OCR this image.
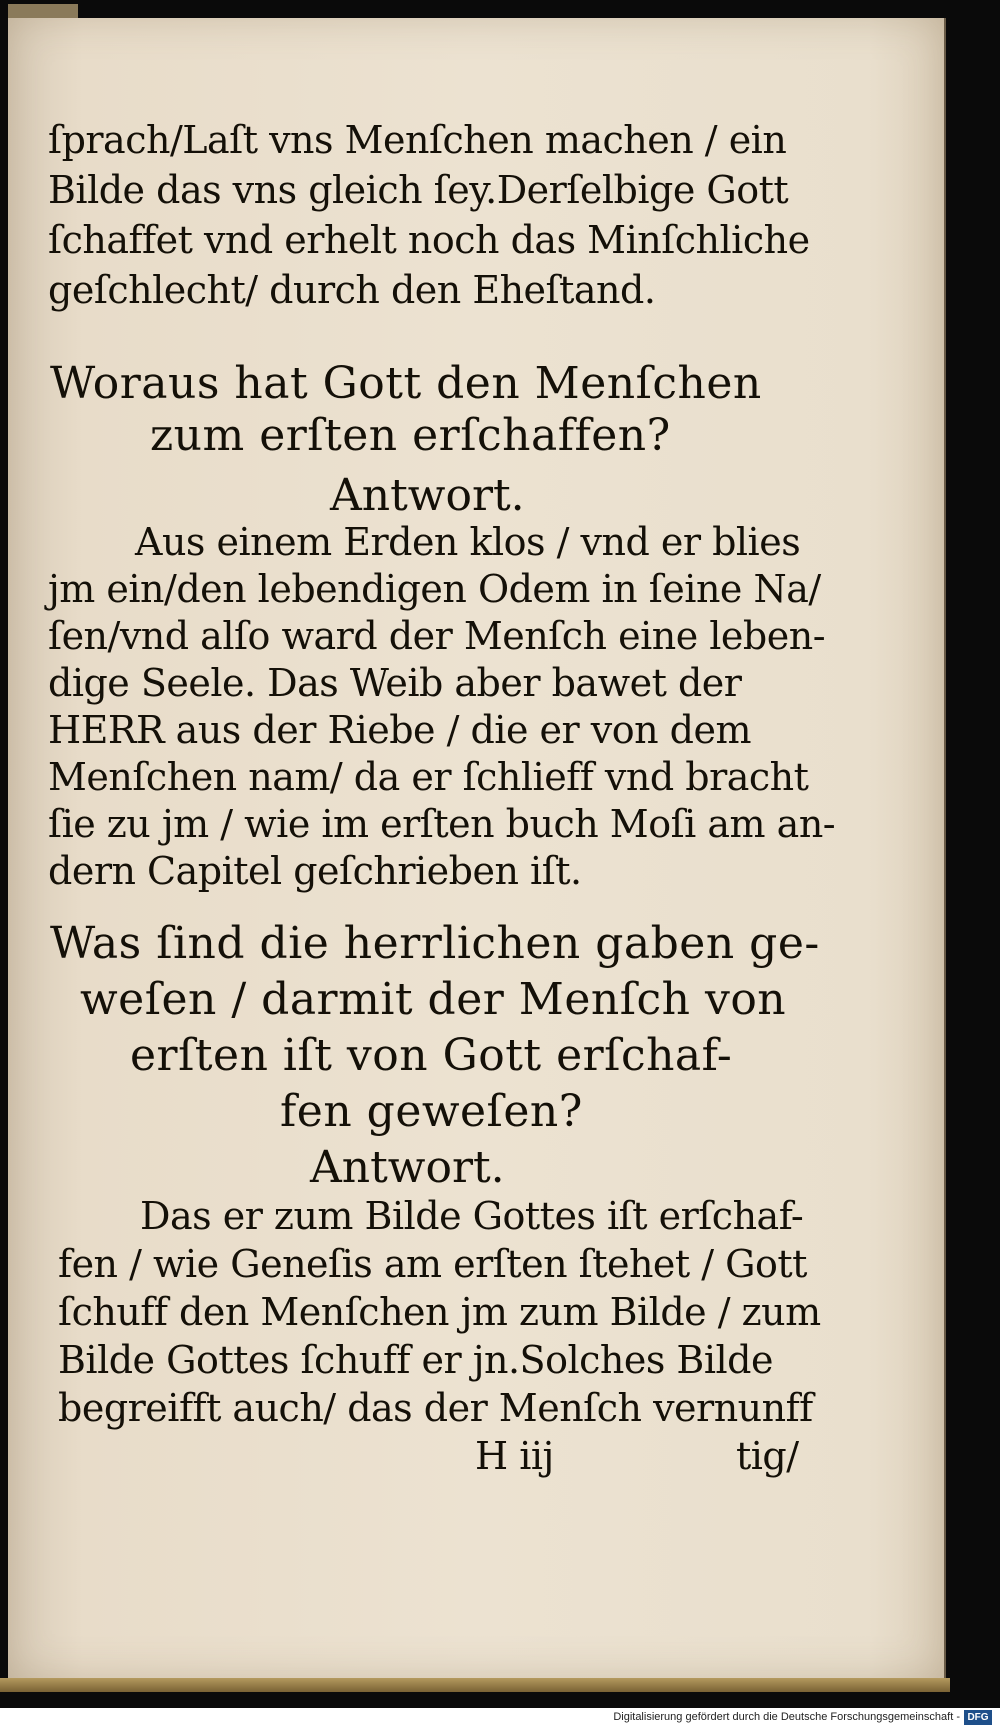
ſprach/Laſt vns Menſchen machen / ein
Bilde das vns gleich ſey.Derſelbige Gott
ſchaffet vnd erhelt noch das Minſchliche
geſchlecht/ durch den Eheſtand.
Woraus hat Gott den Menſchen
zum erſten erſchaffen?
Antwort.
Aus einem Erden klos / vnd er blies
jm ein/den lebendigen Odem in ſeine Na/
ſen/vnd alſo ward der Menſch eine leben-
dige Seele. Das Weib aber bawet der
HERR aus der Riebe / die er von dem
Menſchen nam/ da er ſchlieff vnd bracht
ſie zu jm / wie im erſten buch Moſi am an-
dern Capitel geſchrieben iſt.
Was ſind die herrlichen gaben ge-
weſen / darmit der Menſch von
erſten iſt von Gott erſchaf-
fen geweſen?
Antwort.
Das er zum Bilde Gottes iſt erſchaf-
fen / wie Geneſis am erſten ſtehet / Gott
ſchuff den Menſchen jm zum Bilde / zum
Bilde Gottes ſchuff er jn.Solches Bilde
begreifft auch/ das der Menſch vernunff
H iij	tig/
Digitalisierung gefördert durch die Deutsche Forschungsgemeinschaft - DFG
